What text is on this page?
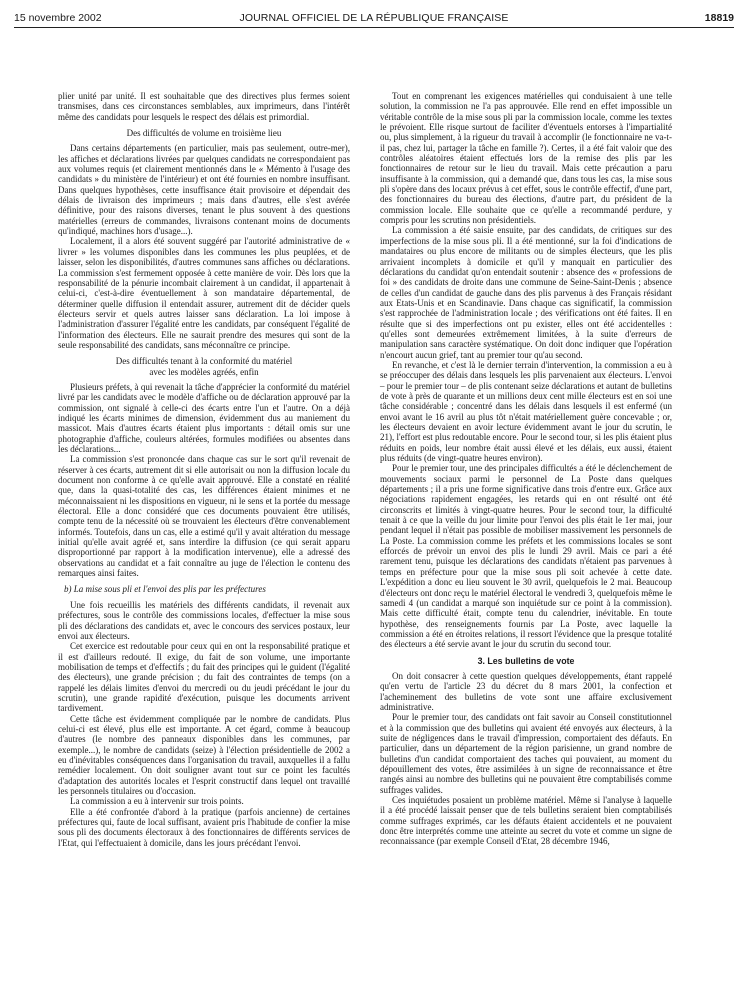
15 novembre 2002	JOURNAL OFFICIEL DE LA RÉPUBLIQUE FRANÇAISE	18819

plier unité par unité. Il est souhaitable que des directives plus fermes soient transmises, dans ces circonstances semblables, aux imprimeurs, dans l'intérêt même des candidats pour lesquels le respect des délais est primordial.

Des difficultés de volume en troisième lieu

Dans certains départements (en particulier, mais pas seulement, outre-mer), les affiches et déclarations livrées par quelques candidats ne correspondaient pas aux volumes requis (et clairement mentionnés dans le « Mémento à l'usage des candidats » du ministère de l'intérieur) et ont été fournies en nombre insuffisant. Dans quelques hypothèses, cette insuffisance était provisoire et dépendait des délais de livraison des imprimeurs ; mais dans d'autres, elle s'est avérée définitive, pour des raisons diverses, tenant le plus souvent à des questions matérielles (erreurs de commandes, livraisons contenant moins de documents qu'indiqué, machines hors d'usage...).

Localement, il a alors été souvent suggéré par l'autorité administrative de « livrer » les volumes disponibles dans les communes les plus peuplées, et de laisser, selon les disponibilités, d'autres communes sans affiches ou déclarations. La commission s'est fermement opposée à cette manière de voir. Dès lors que la responsabilité de la pénurie incombait clairement à un candidat, il appartenait à celui-ci, c'est-à-dire éventuellement à son mandataire départemental, de déterminer quelle diffusion il entendait assurer, autrement dit de décider quels électeurs servir et quels autres laisser sans déclaration. La loi impose à l'administration d'assurer l'égalité entre les candidats, par conséquent l'égalité de l'information des électeurs. Elle ne saurait prendre des mesures qui sont de la seule responsabilité des candidats, sans méconnaître ce principe.

Des difficultés tenant à la conformité du matériel
avec les modèles agréés, enfin

Plusieurs préfets, à qui revenait la tâche d'apprécier la conformité du matériel livré par les candidats avec le modèle d'affiche ou de déclaration approuvé par la commission, ont signalé à celle-ci des écarts entre l'un et l'autre. On a déjà indiqué les écarts minimes de dimension, évidemment dus au maniement du massicot. Mais d'autres écarts étaient plus importants : détail omis sur une photographie d'affiche, couleurs altérées, formules modifiées ou absentes dans les déclarations...

La commission s'est prononcée dans chaque cas sur le sort qu'il revenait de réserver à ces écarts, autrement dit si elle autorisait ou non la diffusion locale du document non conforme à ce qu'elle avait approuvé. Elle a constaté en réalité que, dans la quasi-totalité des cas, les différences étaient minimes et ne méconnaissaient ni les dispositions en vigueur, ni le sens et la portée du message électoral. Elle a donc considéré que ces documents pouvaient être utilisés, compte tenu de la nécessité où se trouvaient les électeurs d'être convenablement informés. Toutefois, dans un cas, elle a estimé qu'il y avait altération du message initial qu'elle avait agréé et, sans interdire la diffusion (ce qui serait apparu disproportionné par rapport à la modification intervenue), elle a adressé des observations au candidat et a fait connaître au juge de l'élection le contenu des remarques ainsi faites.

b) La mise sous pli et l'envoi des plis par les préfectures

Une fois recueillis les matériels des différents candidats, il revenait aux préfectures, sous le contrôle des commissions locales, d'effectuer la mise sous pli des déclarations des candidats et, avec le concours des services postaux, leur envoi aux électeurs.

Cet exercice est redoutable pour ceux qui en ont la responsabilité pratique et il est d'ailleurs redouté. Il exige, du fait de son volume, une importante mobilisation de temps et d'effectifs ; du fait des principes qui le guident (l'égalité des électeurs), une grande précision ; du fait des contraintes de temps (on a rappelé les délais limites d'envoi du mercredi ou du jeudi précédant le jour du scrutin), une grande rapidité d'exécution, puisque les documents arrivent tardivement.

Cette tâche est évidemment compliquée par le nombre de candidats. Plus celui-ci est élevé, plus elle est importante. A cet égard, comme à beaucoup d'autres (le nombre des panneaux disponibles dans les communes, par exemple...), le nombre de candidats (seize) à l'élection présidentielle de 2002 a eu d'inévitables conséquences dans l'organisation du travail, auxquelles il a fallu remédier localement. On doit souligner avant tout sur ce point les facultés d'adaptation des autorités locales et l'esprit constructif dans lequel ont travaillé les personnels titulaires ou d'occasion.

La commission a eu à intervenir sur trois points.

Elle a été confrontée d'abord à la pratique (parfois ancienne) de certaines préfectures qui, faute de local suffisant, avaient pris l'habitude de confier la mise sous pli des documents électoraux à des fonctionnaires de différents services de l'Etat, qui l'effectuaient à domicile, dans les jours précédant l'envoi.

Tout en comprenant les exigences matérielles qui conduisaient à une telle solution, la commission ne l'a pas approuvée. Elle rend en effet impossible un véritable contrôle de la mise sous pli par la commission locale, comme les textes le prévoient. Elle risque surtout de faciliter d'éventuels entorses à l'impartialité ou, plus simplement, à la rigueur du travail à accomplir (le fonctionnaire ne va-t-il pas, chez lui, partager la tâche en famille ?). Certes, il a été fait valoir que des contrôles aléatoires étaient effectués lors de la remise des plis par les fonctionnaires de retour sur le lieu du travail. Mais cette précaution a paru insuffisante à la commission, qui a demandé que, dans tous les cas, la mise sous pli s'opère dans des locaux prévus à cet effet, sous le contrôle effectif, d'une part, des fonctionnaires du bureau des élections, d'autre part, du président de la commission locale. Elle souhaite que ce qu'elle a recommandé perdure, y compris pour les scrutins non présidentiels.

La commission a été saisie ensuite, par des candidats, de critiques sur des imperfections de la mise sous pli. Il a été mentionné, sur la foi d'indications de mandataires ou plus encore de militants ou de simples électeurs, que les plis arrivaient incomplets à domicile et qu'il y manquait en particulier des déclarations du candidat qu'on entendait soutenir : absence des « professions de foi » des candidats de droite dans une commune de Seine-Saint-Denis ; absence de celles d'un candidat de gauche dans des plis parvenus à des Français résidant aux Etats-Unis et en Scandinavie. Dans chaque cas significatif, la commission s'est rapprochée de l'administration locale ; des vérifications ont été faites. Il en résulte que si des imperfections ont pu exister, elles ont été accidentelles : qu'elles sont demeurées extrêmement limitées, à la suite d'erreurs de manipulation sans caractère systématique. On doit donc indiquer que l'opération n'encourt aucun grief, tant au premier tour qu'au second.

En revanche, et c'est là le dernier terrain d'intervention, la commission a eu à se préoccuper des délais dans lesquels les plis parvenaient aux électeurs. L'envoi – pour le premier tour – de plis contenant seize déclarations et autant de bulletins de vote à près de quarante et un millions deux cent mille électeurs est en soi une tâche considérable ; concentré dans les délais dans lesquels il est enfermé (un envoi avant le 16 avril au plus tôt n'était matériellement guère concevable ; or, les électeurs devaient en avoir lecture évidemment avant le jour du scrutin, le 21), l'effort est plus redoutable encore. Pour le second tour, si les plis étaient plus réduits en poids, leur nombre était aussi élevé et les délais, eux aussi, étaient plus réduits (de vingt-quatre heures environ).

Pour le premier tour, une des principales difficultés a été le déclenchement de mouvements sociaux parmi le personnel de La Poste dans quelques départements ; il a pris une forme significative dans trois d'entre eux. Grâce aux négociations rapidement engagées, les retards qui en ont résulté ont été circonscrits et limités à vingt-quatre heures. Pour le second tour, la difficulté tenait à ce que la veille du jour limite pour l'envoi des plis était le 1er mai, jour pendant lequel il n'était pas possible de mobiliser massivement les personnels de La Poste. La commission comme les préfets et les commissions locales se sont efforcés de prévoir un envoi des plis le lundi 29 avril. Mais ce pari a été rarement tenu, puisque les déclarations des candidats n'étaient pas parvenues à temps en préfecture pour que la mise sous pli soit achevée à cette date. L'expédition a donc eu lieu souvent le 30 avril, quelquefois le 2 mai. Beaucoup d'électeurs ont donc reçu le matériel électoral le vendredi 3, quelquefois même le samedi 4 (un candidat a marqué son inquiétude sur ce point à la commission). Mais cette difficulté était, compte tenu du calendrier, inévitable. En toute hypothèse, des renseignements fournis par La Poste, avec laquelle la commission a été en étroites relations, il ressort l'évidence que la presque totalité des électeurs a été servie avant le jour du scrutin du second tour.

3. Les bulletins de vote

On doit consacrer à cette question quelques développements, étant rappelé qu'en vertu de l'article 23 du décret du 8 mars 2001, la confection et l'acheminement des bulletins de vote sont une affaire exclusivement administrative.

Pour le premier tour, des candidats ont fait savoir au Conseil constitutionnel et à la commission que des bulletins qui avaient été envoyés aux électeurs, à la suite de négligences dans le travail d'impression, comportaient des défauts. En particulier, dans un département de la région parisienne, un grand nombre de bulletins d'un candidat comportaient des taches qui pouvaient, au moment du dépouillement des votes, être assimilées à un signe de reconnaissance et être rangés ainsi au nombre des bulletins qui ne pouvaient être comptabilisés comme suffrages valides.

Ces inquiétudes posaient un problème matériel. Même si l'analyse à laquelle il a été procédé laissait penser que de tels bulletins seraient bien comptabilisés comme suffrages exprimés, car les défauts étaient accidentels et ne pouvaient donc être interprétés comme une atteinte au secret du vote et comme un signe de reconnaissance (par exemple Conseil d'Etat, 28 décembre 1946,
